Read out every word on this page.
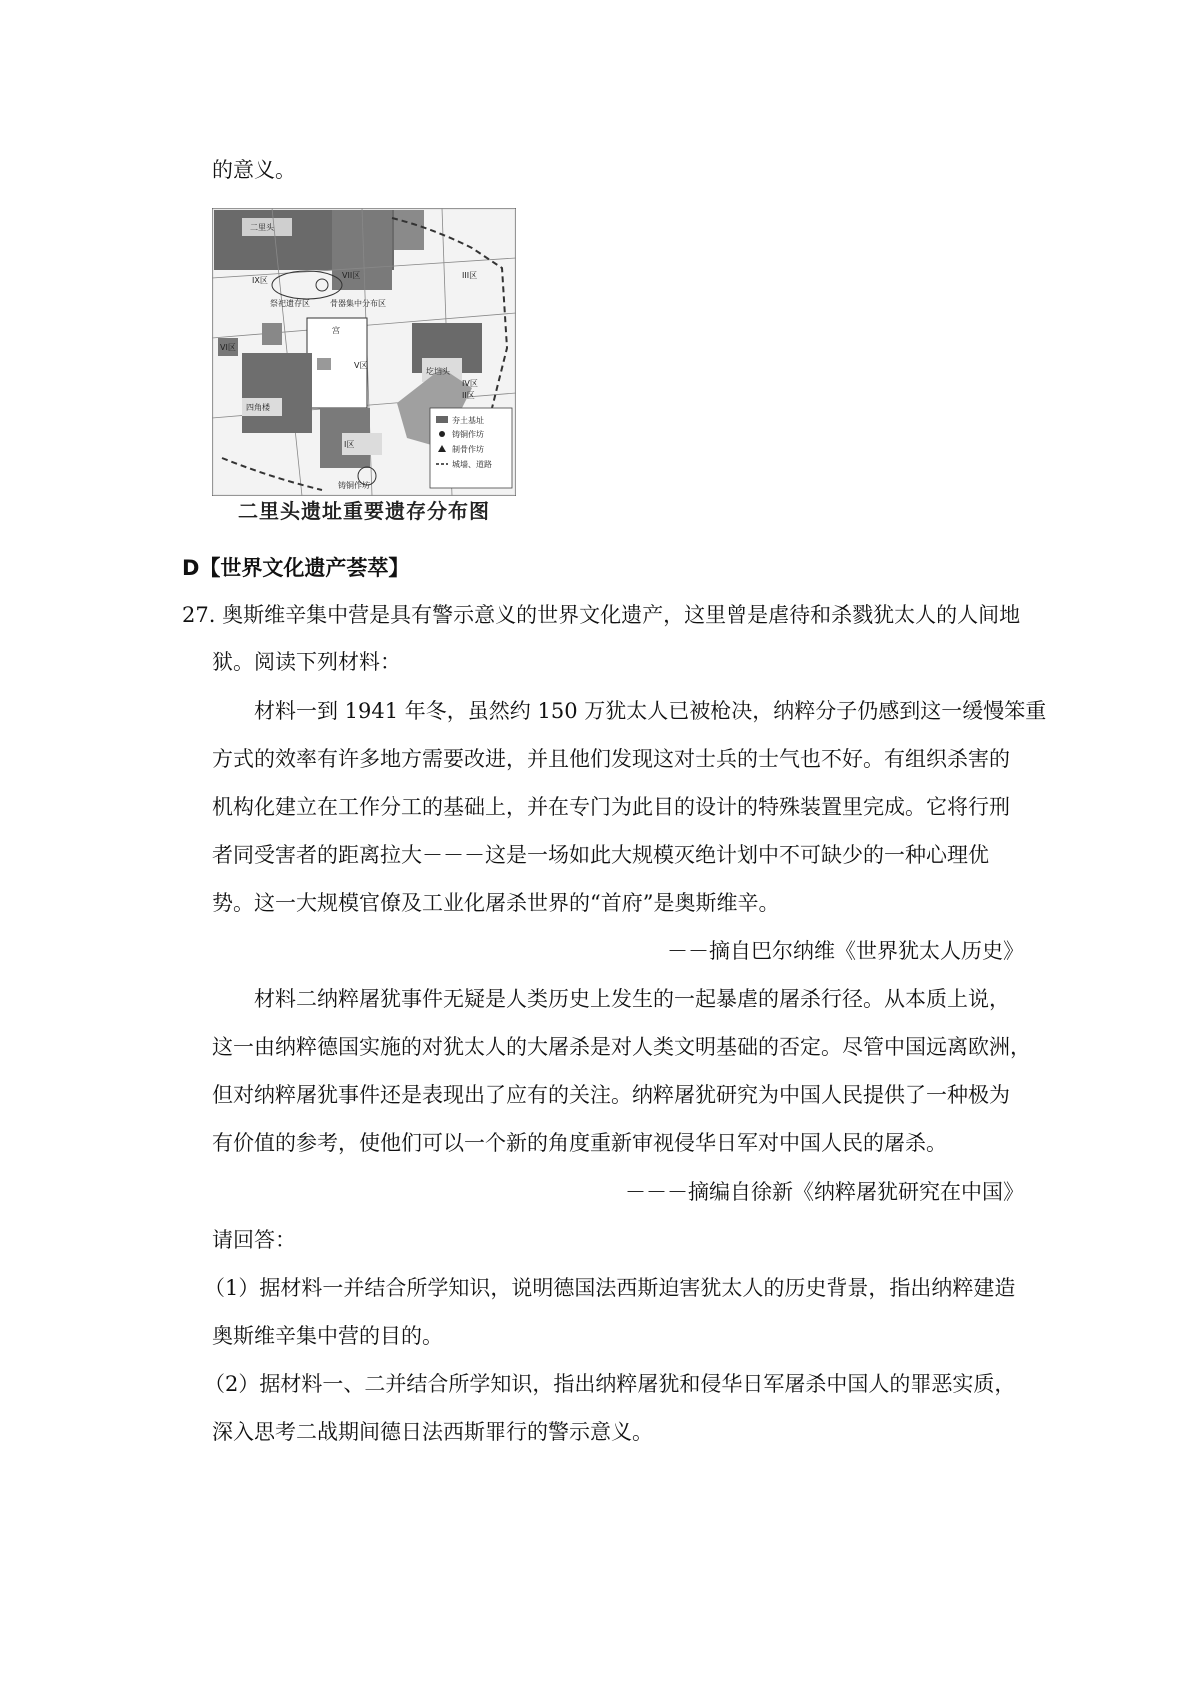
的意义。
夯土基址
铸铜作坊
制骨作坊
城墙、道路
二里头
IX区
VII区	III区
祭祀遗存区	骨器集中分布区
VI区
宫
V区
II区
IV区
圪垱头
四角楼
I区
铸铜作坊
二里头遗址重要遗存分布图
D【世界文化遗产荟萃】
27. 奥斯维辛集中营是具有警示意义的世界文化遗产，这里曾是虐待和杀戮犹太人的人间地
狱。阅读下列材料：
材料一到 1941 年冬，虽然约 150 万犹太人已被枪决，纳粹分子仍感到这一缓慢笨重
方式的效率有许多地方需要改进，并且他们发现这对士兵的士气也不好。有组织杀害的
机构化建立在工作分工的基础上，并在专门为此目的设计的特殊装置里完成。它将行刑
者同受害者的距离拉大－－－这是一场如此大规模灭绝计划中不可缺少的一种心理优
势。这一大规模官僚及工业化屠杀世界的“首府”是奥斯维辛。
－－摘自巴尔纳维《世界犹太人历史》
材料二纳粹屠犹事件无疑是人类历史上发生的一起暴虐的屠杀行径。从本质上说，
这一由纳粹德国实施的对犹太人的大屠杀是对人类文明基础的否定。尽管中国远离欧洲，
但对纳粹屠犹事件还是表现出了应有的关注。纳粹屠犹研究为中国人民提供了一种极为
有价值的参考，使他们可以一个新的角度重新审视侵华日军对中国人民的屠杀。
－－－摘编自徐新《纳粹屠犹研究在中国》
请回答：
（1）据材料一并结合所学知识，说明德国法西斯迫害犹太人的历史背景，指出纳粹建造
奥斯维辛集中营的目的。
（2）据材料一、二并结合所学知识，指出纳粹屠犹和侵华日军屠杀中国人的罪恶实质，
深入思考二战期间德日法西斯罪行的警示意义。
